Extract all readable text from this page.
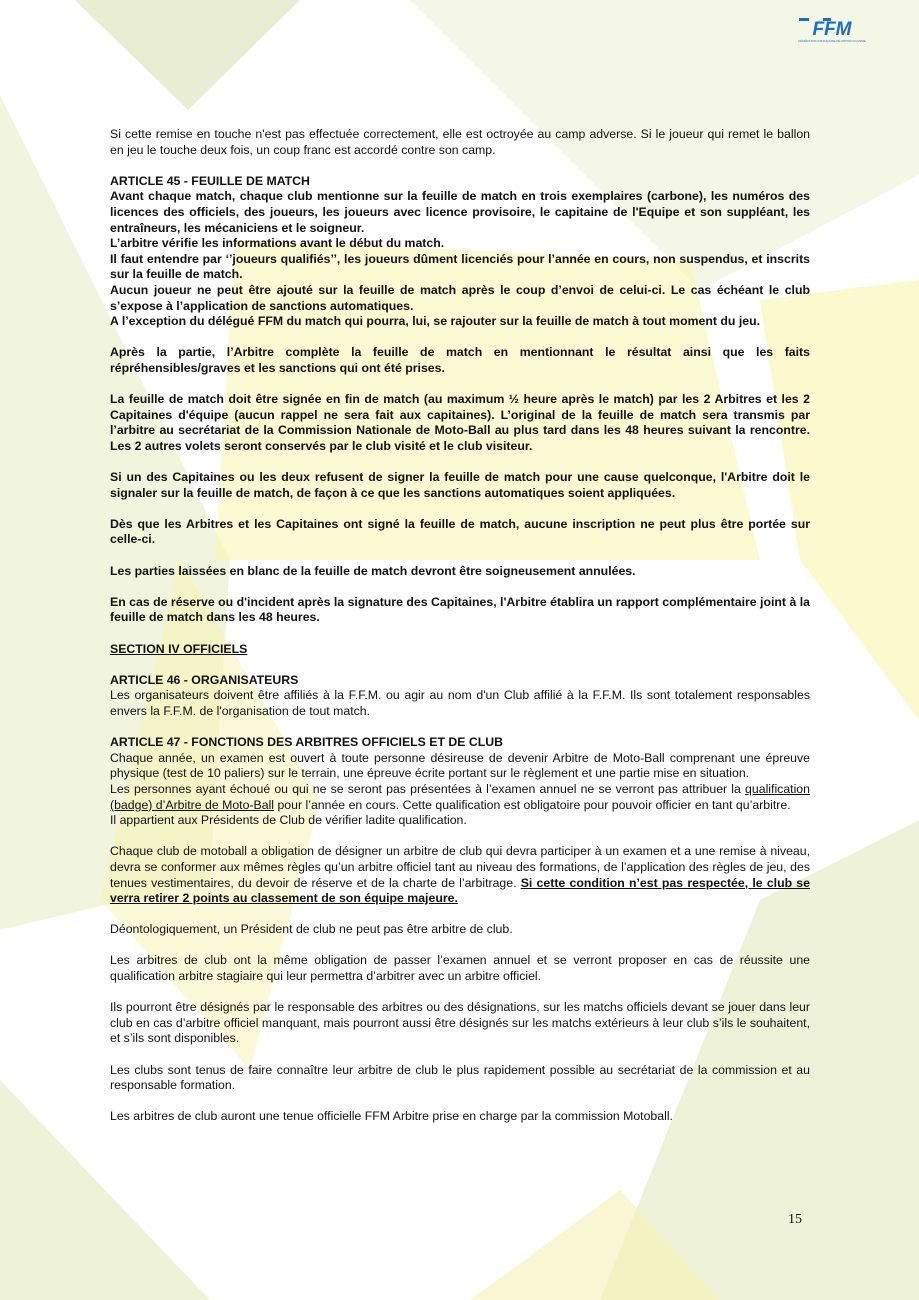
FFM
FÉDÉRATION FRANÇAISE DE MOTOCYCLISME

Si cette remise en touche n'est pas effectuée correctement, elle est octroyée au camp adverse. Si le joueur qui remet le ballon en jeu le touche deux fois, un coup franc est accordé contre son camp.

ARTICLE 45 - FEUILLE DE MATCH

Avant chaque match, chaque club mentionne sur la feuille de match en trois exemplaires (carbone), les numéros des licences des officiels, des joueurs, les joueurs avec licence provisoire, le capitaine de l'Equipe et son suppléant, les entraîneurs, les mécaniciens et le soigneur.

L’arbitre vérifie les informations avant le début du match.

Il faut entendre par ‘’joueurs qualifiés’’, les joueurs dûment licenciés pour l’année en cours, non suspendus, et inscrits sur la feuille de match.

Aucun joueur ne peut être ajouté sur la feuille de match après le coup d’envoi de celui-ci. Le cas échéant le club s’expose à l’application de sanctions automatiques.

A l’exception du délégué FFM du match qui pourra, lui, se rajouter sur la feuille de match à tout moment du jeu.

Après la partie, l’Arbitre complète la feuille de match en mentionnant le résultat ainsi que les faits répréhensibles/graves et les sanctions qui ont été prises.

La feuille de match doit être signée en fin de match (au maximum ½ heure après le match) par les 2 Arbitres et les 2 Capitaines d'équipe (aucun rappel ne sera fait aux capitaines). L’original de la feuille de match sera transmis par l’arbitre au secrétariat de la Commission Nationale de Moto-Ball au plus tard dans les 48 heures suivant la rencontre. Les 2 autres volets seront conservés par le club visité et le club visiteur.

Si un des Capitaines ou les deux refusent de signer la feuille de match pour une cause quelconque, l'Arbitre doit le signaler sur la feuille de match, de façon à ce que les sanctions automatiques soient appliquées.

Dès que les Arbitres et les Capitaines ont signé la feuille de match, aucune inscription ne peut plus être portée sur celle-ci.

Les parties laissées en blanc de la feuille de match devront être soigneusement annulées.

En cas de réserve ou d'incident après la signature des Capitaines, l'Arbitre établira un rapport complémentaire joint à la feuille de match dans les 48 heures.

SECTION IV OFFICIELS

ARTICLE 46 - ORGANISATEURS

Les organisateurs doivent être affiliés à la F.F.M. ou agir au nom d'un Club affilié à la F.F.M. Ils sont totalement responsables envers la F.F.M. de l'organisation de tout match.

ARTICLE 47 - FONCTIONS DES ARBITRES OFFICIELS ET DE CLUB

Chaque année, un examen est ouvert à toute personne désireuse de devenir Arbitre de Moto-Ball comprenant une épreuve physique (test de 10 paliers) sur le terrain, une épreuve écrite portant sur le règlement et une partie mise en situation.

Les personnes ayant échoué ou qui ne se seront pas présentées à l’examen annuel ne se verront pas attribuer la qualification (badge) d’Arbitre de Moto-Ball pour l’année en cours. Cette qualification est obligatoire pour pouvoir officier en tant qu’arbitre.

Il appartient aux Présidents de Club de vérifier ladite qualification.

Chaque club de motoball a obligation de désigner un arbitre de club qui devra participer à un examen et a une remise à niveau, devra se conformer aux mêmes règles qu’un arbitre officiel tant au niveau des formations, de l’application des règles de jeu, des tenues vestimentaires, du devoir de réserve et de la charte de l’arbitrage. Si cette condition n’est pas respectée, le club se verra retirer 2 points au classement de son équipe majeure.

Déontologiquement, un Président de club ne peut pas être arbitre de club.

Les arbitres de club ont la même obligation de passer l’examen annuel et se verront proposer en cas de réussite une qualification arbitre stagiaire qui leur permettra d’arbitrer avec un arbitre officiel.

Ils pourront être désignés par le responsable des arbitres ou des désignations, sur les matchs officiels devant se jouer dans leur club en cas d’arbitre officiel manquant, mais pourront aussi être désignés sur les matchs extérieurs à leur club s’ils le souhaitent, et s’ils sont disponibles.

Les clubs sont tenus de faire connaître leur arbitre de club le plus rapidement possible au secrétariat de la commission et au responsable formation.

Les arbitres de club auront une tenue officielle FFM Arbitre prise en charge par la commission Motoball.

15
